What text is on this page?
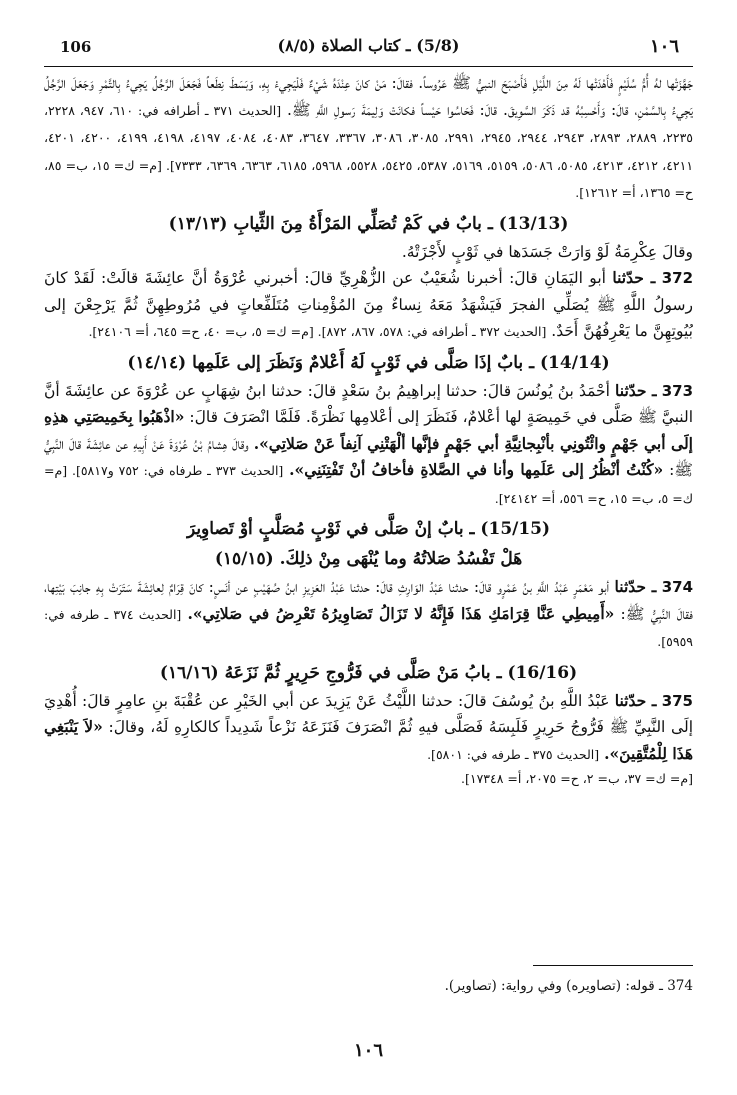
106	(5/8) ـ كتاب الصلاة (٨/٥)	١٠٦

جَهَّزَتْها لهُ أُمُّ سُلَيْمٍ فَأَهْدَتْها لَهُ مِنَ اللَّيْلِ فَأَصْبَحَ النبيُّ ﷺ عَرُوساً. فقالَ: مَنْ كانَ عِنْدَهُ شَيْءٌ فَلْيَجِيءْ بِهِ، وَبَسَطَ نِطَعاً فَجَعَلَ الرَّجُلُ يَجِيءُ بِالتَّمْرِ وَجَعَلَ الرَّجُلُ يَجِيءُ بِالسَّمْنِ، قالَ: وَأَحْسِبُهُ قد ذَكَرَ السَّوِيقَ. قالَ: فَحَاسُوا حَيْساً فكانَتْ وَلِيمَةَ رَسولِ اللَّهِ ﷺ. [الحديث ٣٧١ ـ أطرافه في: ٦١٠، ٩٤٧، ٢٢٢٨، ٢٢٣٥، ٢٨٨٩، ٢٨٩٣، ٢٩٤٣، ٢٩٤٤، ٢٩٤٥، ٢٩٩١، ٣٠٨٥، ٣٠٨٦، ٣٣٦٧، ٣٦٤٧، ٤٠٨٣، ٤٠٨٤، ٤١٩٧، ٤١٩٨، ٤١٩٩، ٤٢٠٠، ٤٢٠١، ٤٢١١، ٤٢١٢، ٤٢١٣، ٥٠٨٥، ٥٠٨٦، ٥١٥٩، ٥١٦٩، ٥٣٨٧، ٥٤٢٥، ٥٥٢٨، ٥٩٦٨، ٦١٨٥، ٦٣٦٣، ٦٣٦٩، ٧٣٣٣]. [م= ك= ١٥، ب= ٨٥، ح= ١٣٦٥، أ= ١٢٦١٢].

(13/13) ـ بابٌ في كَمْ تُصَلِّي المَرْأَةُ مِنَ الثِّيابِ (١٣/١٣)

وقالَ عِكْرِمَةُ لَوْ وَارَتْ جَسَدَها في ثَوْبٍ لأَجْزَتْهُ.

372 ـ حدّثنا أبو اليَمَانِ قالَ: أخبرنا شُعَيْبٌ عن الزُّهْرِيِّ قالَ: أخبرني عُرْوَةُ أنَّ عائِشَةَ قالَتْ: لَقَدْ كانَ رسولُ اللَّهِ ﷺ يُصَلِّي الفجرَ فَيَشْهَدُ مَعَهُ نِساءٌ مِنَ المُؤْمِناتِ مُتَلَفِّعاتٍ في مُرُوطِهِنَّ ثُمَّ يَرْجِعْنَ إلى بُيُوتِهِنَّ ما يَعْرِفُهُنَّ أَحَدٌ. [الحديث ٣٧٢ ـ أطرافه في: ٥٧٨، ٨٦٧، ٨٧٢]. [م= ك= ٥، ب= ٤٠، ح= ٦٤٥، أ= ٢٤١٠٦].

(14/14) ـ بابٌ إذَا صَلَّى في ثَوْبٍ لَهُ أَعْلامٌ وَنَظَرَ إلى عَلَمِها (١٤/١٤)

373 ـ حدّثنا أحْمَدُ بنُ يُونُسَ قالَ: حدثنا إبراهِيمُ بنُ سَعْدٍ قالَ: حدثنا ابنُ شِهَابٍ عن عُرْوَةَ عن عائِشَةَ أنَّ النبيَّ ﷺ صَلَّى في خَمِيصَةٍ لها أعْلامٌ، فَنَظَرَ إلى أعْلامِها نَظْرَةً. فَلَمَّا انْصَرَفَ قالَ: «اذْهَبُوا بِخَمِيصَتِي هذِهِ إلَى أبي جَهْمٍ وائْتُونِي بأنْبِجانِيَّةِ أبي جَهْمٍ فإنَّها ألْهَتْنِي آنِفاً عَنْ صَلاتِي». وقالَ هِشامُ بْنُ عُرْوَةَ عَنْ أَبِيهِ عن عائِشَةَ قالَ النَّبِيُّ ﷺ: «كُنْتُ أنْظُرُ إلى عَلَمِها وأنا في الصَّلاةِ فأخافُ أنْ تَفْتِنَنِي». [الحديث ٣٧٣ ـ طرفاه في: ٧٥٢ و٥٨١٧]. [م= ك= ٥، ب= ١٥، ح= ٥٥٦، أ= ٢٤١٤٢].

(15/15) ـ بابٌ إنْ صَلَّى في ثَوْبٍ مُصَلَّبٍ أوْ تَصاوِيرَ
هَلْ تَفْسُدُ صَلاتُهُ وما يُنْهَى مِنْ ذلِكَ. (١٥/١٥)

374 ـ حدّثنا أبو مَعْمَرٍ عَبْدُ اللَّهِ بنُ عَمْرٍو قالَ: حدثنا عَبْدُ الوَارِثِ قالَ: حدثنا عَبْدُ العَزِيزِ ابنُ صُهَيْبٍ عن أنَسٍ: كانَ قِرَامٌ لِعائِشَةَ سَتَرَتْ بِهِ جانِبَ بَيْتِها، فقالَ النَّبِيُّ ﷺ: «أَمِيطِي عَنَّا قِرَامَكِ هَذَا فَإِنَّهُ لا تَزَالُ تَصَاوِيرُهُ تَعْرِضُ في صَلاتِي». [الحديث ٣٧٤ ـ طرفه في: ٥٩٥٩].

(16/16) ـ بابُ مَنْ صَلَّى في فَرُّوجِ حَرِيرٍ ثُمَّ نَزَعَهُ (١٦/١٦)

375 ـ حدّثنا عَبْدُ اللَّهِ بنُ يُوسُفَ قالَ: حدثنا اللَّيْثُ عَنْ يَزِيدَ عن أبي الخَيْرِ عن عُقْبَةَ بنِ عامِرٍ قالَ: أُهْدِيَ إلَى النَّبِيِّ ﷺ فَرُّوجُ حَرِيرٍ فَلَبِسَهُ فَصَلَّى فيهِ ثُمَّ انْصَرَفَ فَنَزَعَهُ نَزْعاً شَدِيداً كالكارِهِ لَهُ، وقالَ: «لاَ يَنْبَغِي هَذَا لِلْمُتَّقِينَ». [الحديث ٣٧٥ ـ طرفه في: ٥٨٠١].

[م= ك= ٣٧، ب= ٢، ح= ٢٠٧٥، أ= ١٧٣٤٨].

374 ـ قوله: (تصاويره) وفي رواية: (تصاوير).
١٠٦
